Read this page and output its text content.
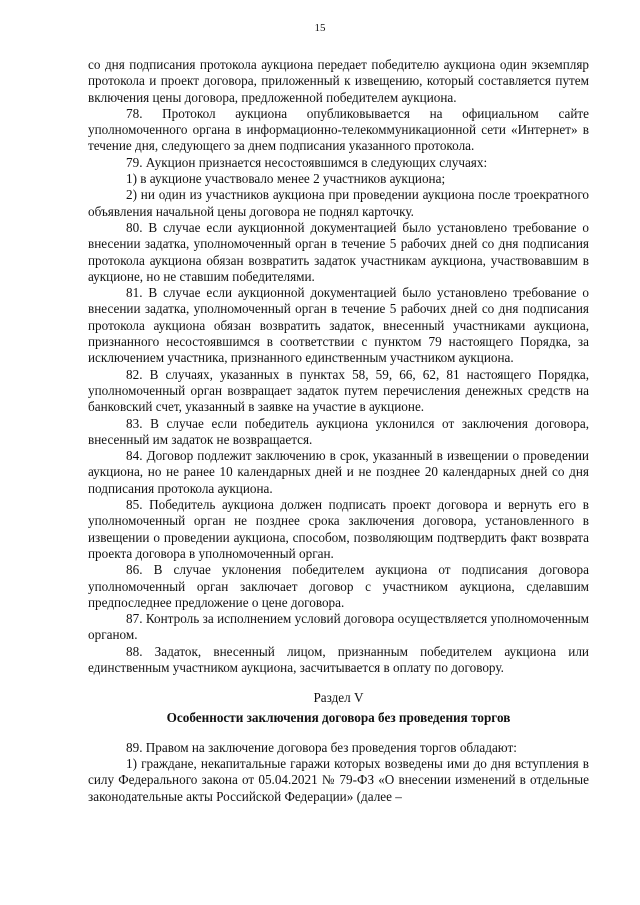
15

со дня подписания протокола аукциона передает победителю аукциона один экземпляр протокола и проект договора, приложенный к извещению, который составляется путем включения цены договора, предложенной победителем аукциона.

78. Протокол аукциона опубликовывается на официальном сайте уполномоченного органа в информационно-телекоммуникационной сети «Интернет» в течение дня, следующего за днем подписания указанного протокола.

79. Аукцион признается несостоявшимся в следующих случаях:

1) в аукционе участвовало менее 2 участников аукциона;

2) ни один из участников аукциона при проведении аукциона после троекратного объявления начальной цены договора не поднял карточку.

80. В случае если аукционной документацией было установлено требование о внесении задатка, уполномоченный орган в течение 5 рабочих дней со дня подписания протокола аукциона обязан возвратить задаток участникам аукциона, участвовавшим в аукционе, но не ставшим победителями.

81. В случае если аукционной документацией было установлено требование о внесении задатка, уполномоченный орган в течение 5 рабочих дней со дня подписания протокола аукциона обязан возвратить задаток, внесенный участниками аукциона, признанного несостоявшимся в соответствии с пунктом 79 настоящего Порядка, за исключением участника, признанного единственным участником аукциона.

82. В случаях, указанных в пунктах 58, 59, 66, 62, 81 настоящего Порядка, уполномоченный орган возвращает задаток путем перечисления денежных средств на банковский счет, указанный в заявке на участие в аукционе.

83. В случае если победитель аукциона уклонился от заключения договора, внесенный им задаток не возвращается.

84. Договор подлежит заключению в срок, указанный в извещении о проведении аукциона, но не ранее 10 календарных дней и не позднее 20 календарных дней со дня подписания протокола аукциона.

85. Победитель аукциона должен подписать проект договора и вернуть его в уполномоченный орган не позднее срока заключения договора, установленного в извещении о проведении аукциона, способом, позволяющим подтвердить факт возврата проекта договора в уполномоченный орган.

86. В случае уклонения победителем аукциона от подписания договора уполномоченный орган заключает договор с участником аукциона, сделавшим предпоследнее предложение о цене договора.

87. Контроль за исполнением условий договора осуществляется уполномоченным органом.

88. Задаток, внесенный лицом, признанным победителем аукциона или единственным участником аукциона, засчитывается в оплату по договору.

Раздел V

Особенности заключения договора без проведения торгов

89. Правом на заключение договора без проведения торгов обладают:

1) граждане, некапитальные гаражи которых возведены ими до дня вступления в силу Федерального закона от 05.04.2021 № 79-ФЗ «О внесении изменений в отдельные законодательные акты Российской Федерации» (далее –
